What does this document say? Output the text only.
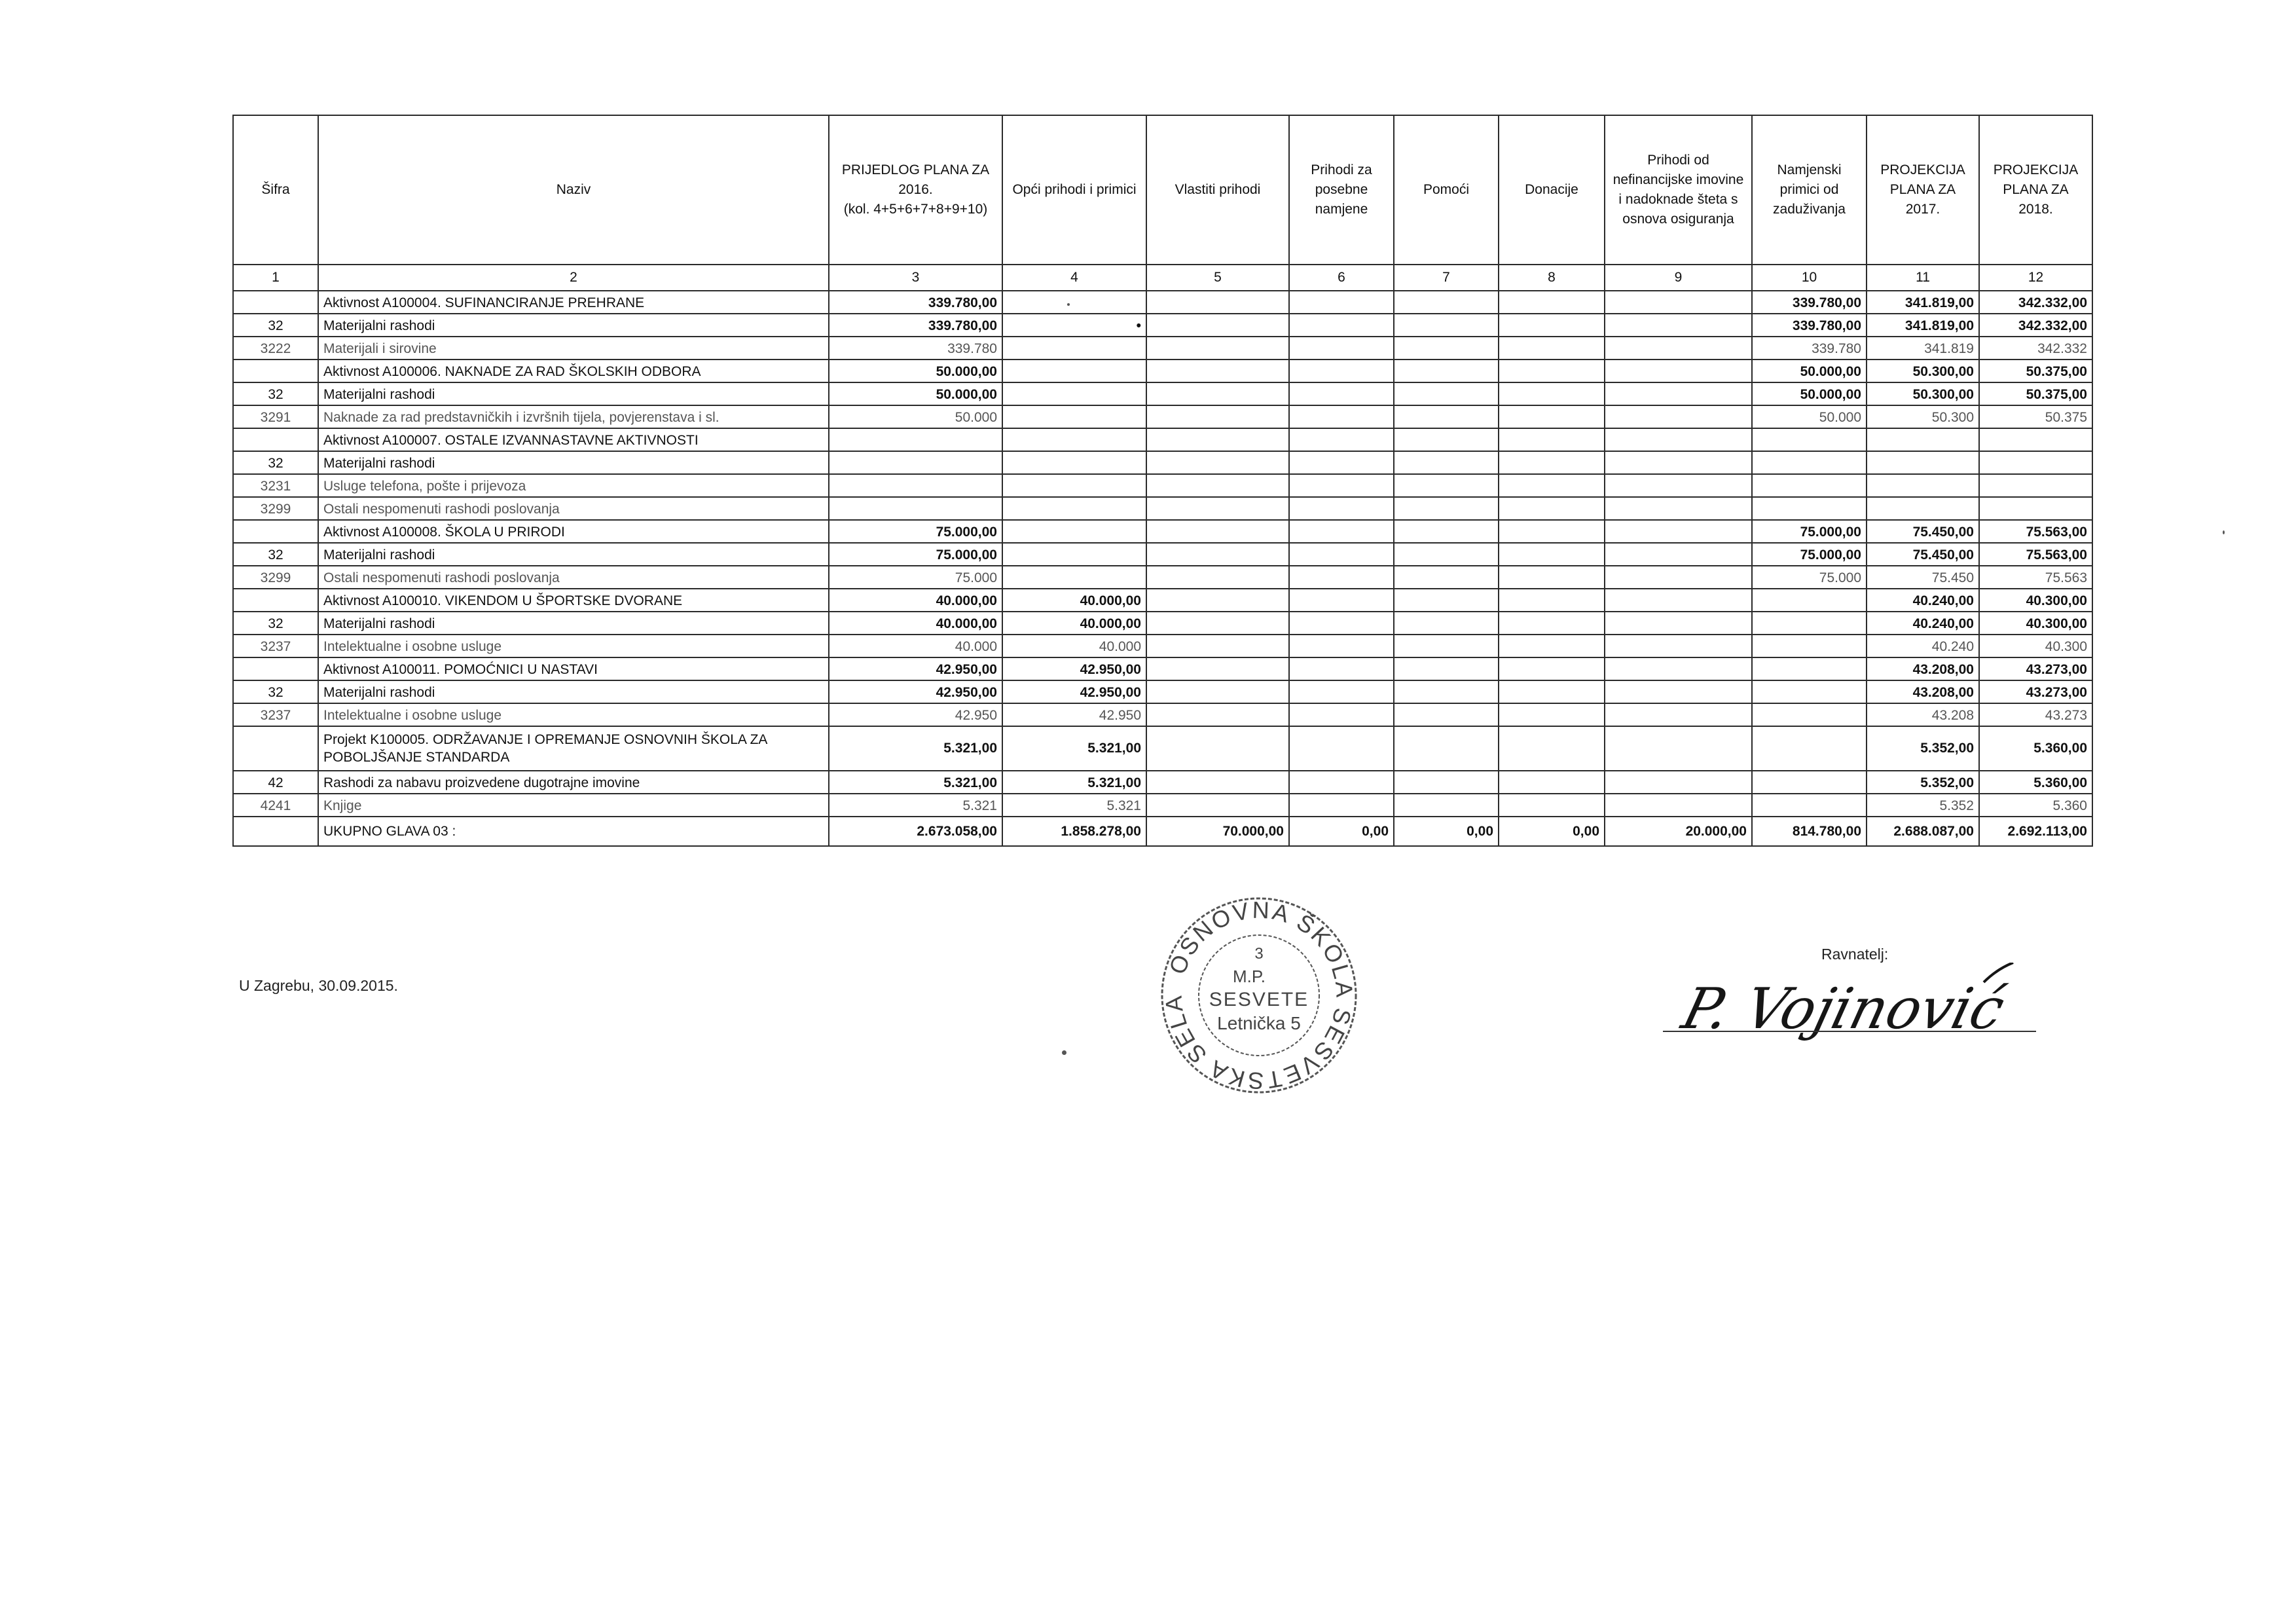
Šifra	Naziv	PRIJEDLOG PLANA ZA 2016.
(kol. 4+5+6+7+8+9+10)	Opći prihodi i primici	Vlastiti prihodi	Prihodi za posebne namjene	Pomoći	Donacije	Prihodi od nefinancijske imovine i nadoknade šteta s osnova osiguranja	Namjenski primici od zaduživanja	PROJEKCIJA PLANA ZA 2017.	PROJEKCIJA PLANA ZA 2018.
1	2	3	4	5	6	7	8	9	10	11	12
	Aktivnost A100004. SUFINANCIRANJE PREHRANE	339.780,00							339.780,00	341.819,00	342.332,00
32	Materijalni rashodi	339.780,00	•						339.780,00	341.819,00	342.332,00
3222	Materijali i sirovine	339.780							339.780	341.819	342.332
	Aktivnost A100006. NAKNADE ZA RAD ŠKOLSKIH ODBORA	50.000,00							50.000,00	50.300,00	50.375,00
32	Materijalni rashodi	50.000,00							50.000,00	50.300,00	50.375,00
3291	Naknade za rad predstavničkih i izvršnih tijela, povjerenstava i sl.	50.000							50.000	50.300	50.375
	Aktivnost A100007. OSTALE IZVANNASTAVNE AKTIVNOSTI										
32	Materijalni rashodi										
3231	Usluge telefona, pošte i prijevoza										
3299	Ostali nespomenuti rashodi poslovanja										
	Aktivnost A100008. ŠKOLA U PRIRODI	75.000,00							75.000,00	75.450,00	75.563,00
32	Materijalni rashodi	75.000,00							75.000,00	75.450,00	75.563,00
3299	Ostali nespomenuti rashodi poslovanja	75.000							75.000	75.450	75.563
	Aktivnost A100010. VIKENDOM U ŠPORTSKE DVORANE	40.000,00	40.000,00							40.240,00	40.300,00
32	Materijalni rashodi	40.000,00	40.000,00							40.240,00	40.300,00
3237	Intelektualne i osobne usluge	40.000	40.000							40.240	40.300
	Aktivnost A100011. POMOĆNICI U NASTAVI	42.950,00	42.950,00							43.208,00	43.273,00
32	Materijalni rashodi	42.950,00	42.950,00							43.208,00	43.273,00
3237	Intelektualne i osobne usluge	42.950	42.950							43.208	43.273
	Projekt K100005. ODRŽAVANJE I OPREMANJE OSNOVNIH ŠKOLA ZA POBOLJŠANJE STANDARDA	5.321,00	5.321,00							5.352,00	5.360,00
42	Rashodi za nabavu proizvedene dugotrajne imovine	5.321,00	5.321,00							5.352,00	5.360,00
4241	Knjige	5.321	5.321							5.352	5.360
	UKUPNO GLAVA 03 :	2.673.058,00	1.858.278,00	70.000,00	0,00	0,00	0,00	20.000,00	814.780,00	2.688.087,00	2.692.113,00
U Zagrebu, 30.09.2015.
OSNOVNA ŠKOLA SESVETSKA SELA
3
M.P.
SESVETE
Letnička 5
Ravnatelj:
P. Vojinović
